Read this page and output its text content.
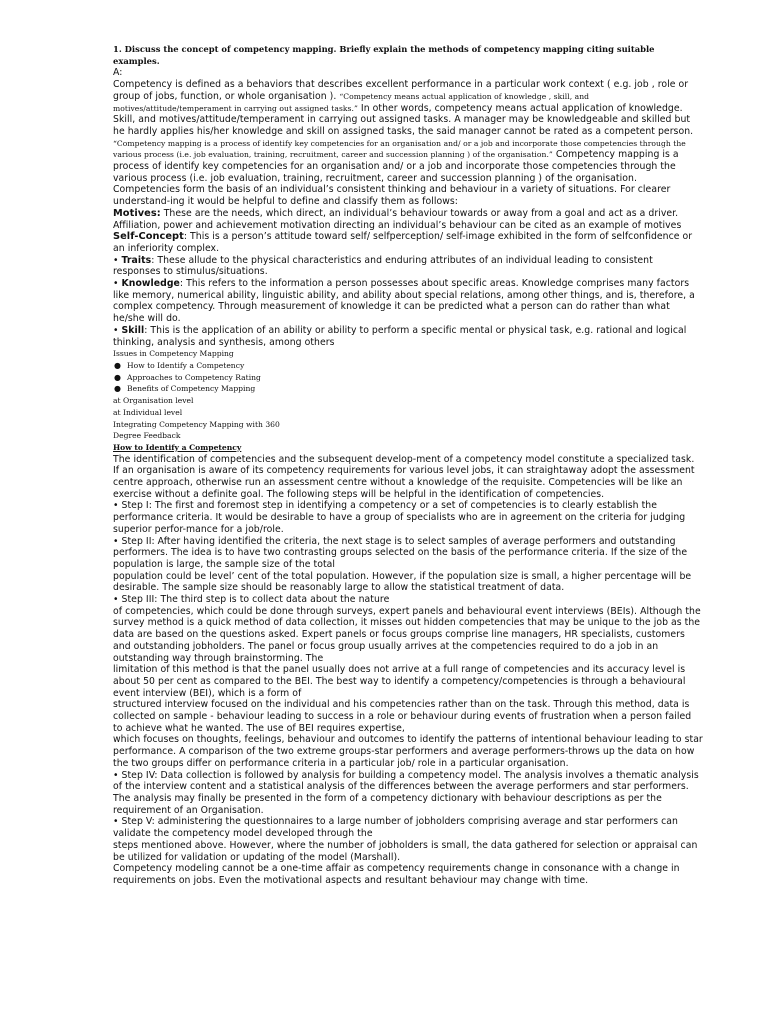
1. Discuss the concept of competency mapping. Briefly explain the methods of competency mapping citing suitable examples.

A:

Competency is defined as a behaviors that describes excellent performance in a particular work context ( e.g. job , role or group of jobs, function, or whole organisation ). “Competency means actual application of knowledge , skill, and motives/attitude/temperament in carrying out assigned tasks.” In other words, competency means actual application of knowledge. Skill, and motives/attitude/temperament in carrying out assigned tasks. A manager may be knowledgeable and skilled but he hardly applies his/her knowledge and skill on assigned tasks, the said manager cannot be rated as a competent person. “Competency mapping is a process of identify key competencies for an organisation and/ or a job and incorporate those competencies through the various process (i.e. job evaluation, training, recruitment, career and succession planning ) of the organisation.” Competency mapping is a process of identify key competencies for an organisation and/ or a job and incorporate those competencies through the various process (i.e. job evaluation, training, recruitment, career and succession planning ) of the organisation. Competencies form the basis of an individual’s consistent thinking and behaviour in a variety of situations. For clearer understand-ing it would be helpful to define and classify them as follows:

Motives: These are the needs, which direct, an individual’s behaviour towards or away from a goal and act as a driver. Affiliation, power and achievement motivation directing an individual’s behaviour can be cited as an example of motives

Self-Concept: This is a person’s attitude toward self/ selfperception/ self-image exhibited in the form of selfconfidence or an inferiority complex.

• Traits: These allude to the physical characteristics and enduring attributes of an individual leading to consistent responses to stimulus/situations.

• Knowledge: This refers to the information a person possesses about specific areas. Knowledge comprises many factors like memory, numerical ability, linguistic ability, and ability about special relations, among other things, and is, therefore, a complex competency. Through measurement of knowledge it can be predicted what a person can do rather than what he/she will do.

• Skill: This is the application of an ability or ability to perform a specific mental or physical task, e.g. rational and logical thinking, analysis and synthesis, among others

Issues in Competency Mapping

● How to Identify a Competency
● Approaches to Competency Rating
● Benefits of Competency Mapping

at Organisation level

at Individual level

Integrating Competency Mapping with 360

Degree Feedback

How to Identify a Competency

The identification of competencies and the subsequent develop-ment of a competency model constitute a specialized task. If an organisation is aware of its competency requirements for various level jobs, it can straightaway adopt the assessment centre approach, otherwise run an assessment centre without a knowledge of the requisite. Competencies will be like an exercise without a definite goal. The following steps will be helpful in the identification of competencies.

• Step I: The first and foremost step in identifying a competency or a set of competencies is to clearly establish the performance criteria. It would be desirable to have a group of specialists who are in agreement on the criteria for judging superior perfor-mance for a job/role.

• Step II: After having identified the criteria, the next stage is to select samples of average performers and outstanding performers. The idea is to have two contrasting groups selected on the basis of the performance criteria. If the size of the population is large, the sample size of the total

population could be level’ cent of the total population. However, if the population size is small, a higher percentage will be desirable. The sample size should be reasonably large to allow the statistical treatment of data.

• Step III: The third step is to collect data about the nature

of competencies, which could be done through surveys, expert panels and behavioural event interviews (BEIs). Although the survey method is a quick method of data collection, it misses out hidden competencies that may be unique to the job as the data are based on the questions asked. Expert panels or focus groups comprise line managers, HR specialists, customers and outstanding jobholders. The panel or focus group usually arrives at the competencies required to do a job in an outstanding way through brainstorming. The

limitation of this method is that the panel usually does not arrive at a full range of competencies and its accuracy level is about 50 per cent as compared to the BEI. The best way to identify a competency/competencies is through a behavioural event interview (BEI), which is a form of

structured interview focused on the individual and his competencies rather than on the task. Through this method, data is collected on sample - behaviour leading to success in a role or behaviour during events of frustration when a person failed to achieve what he wanted. The use of BEI requires expertise,

which focuses on thoughts, feelings, behaviour and outcomes to identify the patterns of intentional behaviour leading to star performance. A comparison of the two extreme groups-star performers and average performers-throws up the data on how the two groups differ on performance criteria in a particular job/ role in a particular organisation.

• Step IV: Data collection is followed by analysis for building a competency model. The analysis involves a thematic analysis of the interview content and a statistical analysis of the differences between the average performers and star performers. The analysis may finally be presented in the form of a competency dictionary with behaviour descriptions as per the requirement of an Organisation.

• Step V: administering the questionnaires to a large number of jobholders comprising average and star performers can validate the competency model developed through the

steps mentioned above. However, where the number of jobholders is small, the data gathered for selection or appraisal can be utilized for validation or updating of the model (Marshall).

Competency modeling cannot be a one-time affair as competency requirements change in consonance with a change in requirements on jobs. Even the motivational aspects and resultant behaviour may change with time.
